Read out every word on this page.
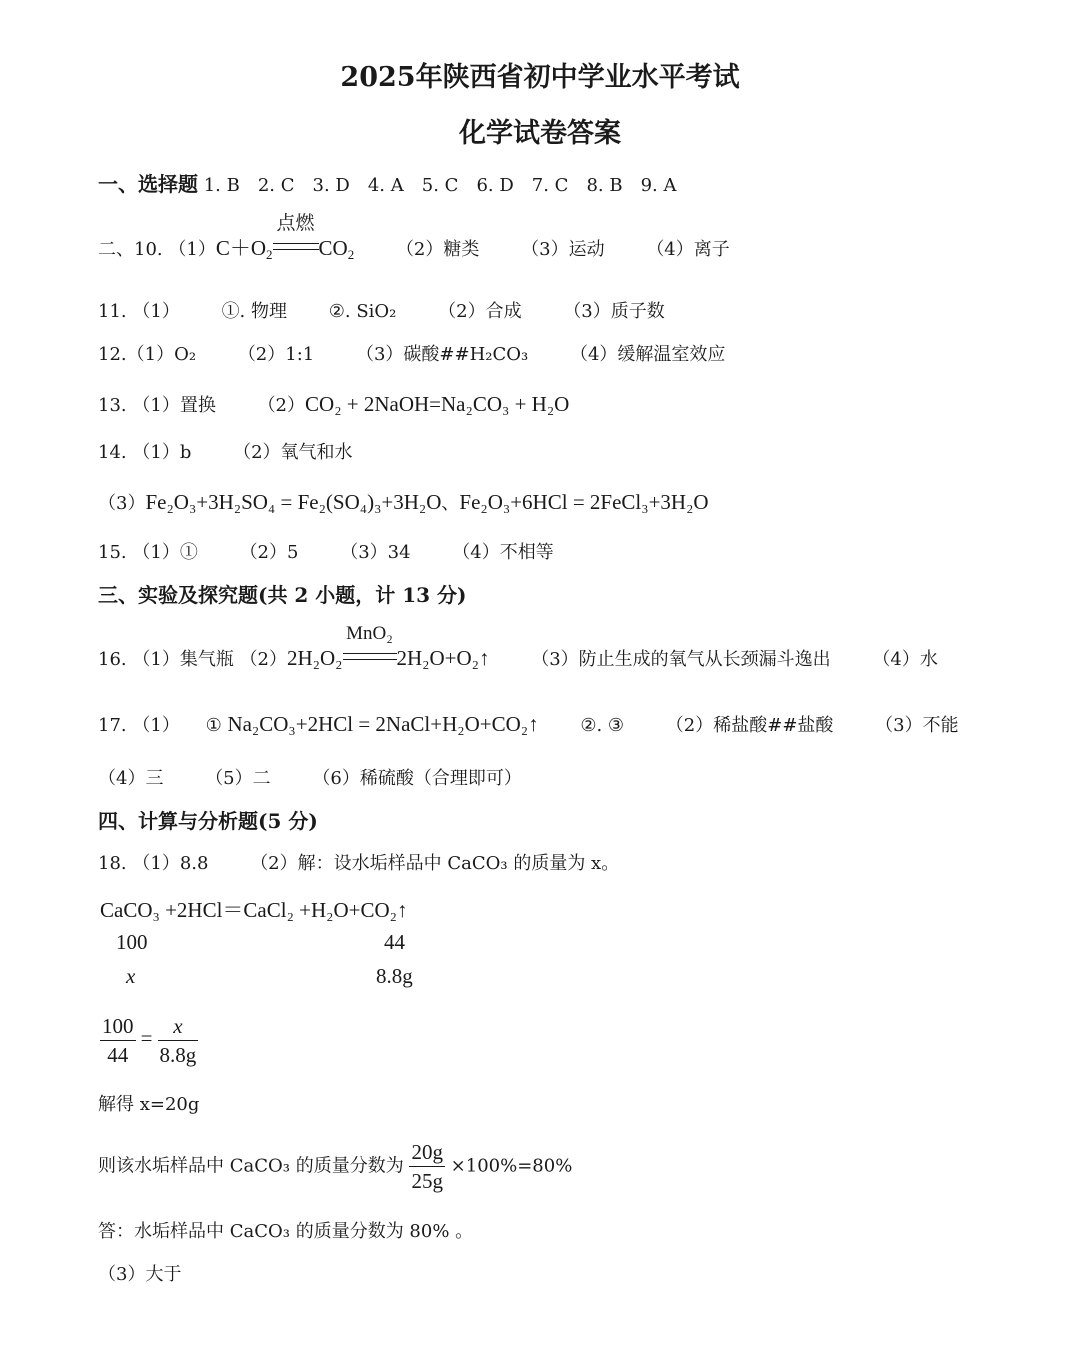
2025年陕西省初中学业水平考试
化学试卷答案
一、选择题 1. B 2. C 3. D 4. A 5. C 6. D 7. C 8. B 9. A
二、10. $(1)C+O_2$
点燃
$CO_2$ （2）糖类 （3）运动 （4）离子
11. （1） ①. 物理 ②. SiO₂ （2）合成 （3）质子数
12.（1）O₂ （2）1:1 （3）碳酸##H₂CO₃ （4）缓解温室效应
13. （1）置换 （2）CO₂ + 2NaOH=Na₂CO₃ + H₂O
14. （1）b （2）氧气和水
（3）Fe₂O₃+3H₂SO₄ = Fe₂(SO₄)₃+3H₂O、Fe₂O₃+6HCl = 2FeCl₃+3H₂O
15. （1）① （2）5 （3）34 （4）不相等
三、实验及探究题(共 2 小题，计 13 分)
16. （1）集气瓶 （2）2H₂O₂
MnO₂
2H₂O+O₂↑ （3）防止生成的氧气从长颈漏斗逸出 （4）水
17. （1） ① Na₂CO₃+2HCl = 2NaCl+H₂O+CO₂↑ ②. ③ （2）稀盐酸##盐酸 （3）不能
（4）三 （5）二 （6）稀硫酸（合理即可）
四、计算与分析题(5 分)
18. （1）8.8 （2）解：设水垢样品中 CaCO₃ 的质量为 x。
CaCO₃ +2HCl＝CaCl₂ +H₂O+CO₂↑
100	44
x	8.8g
$\frac{100}{44} = \frac{x}{8.8g}$
解得 x=20g
则该水垢样品中 CaCO₃ 的质量分数为 $\frac{20g}{25g} \times 100\%=80\%$
答：水垢样品中 CaCO₃ 的质量分数为 80% 。
（3）大于
